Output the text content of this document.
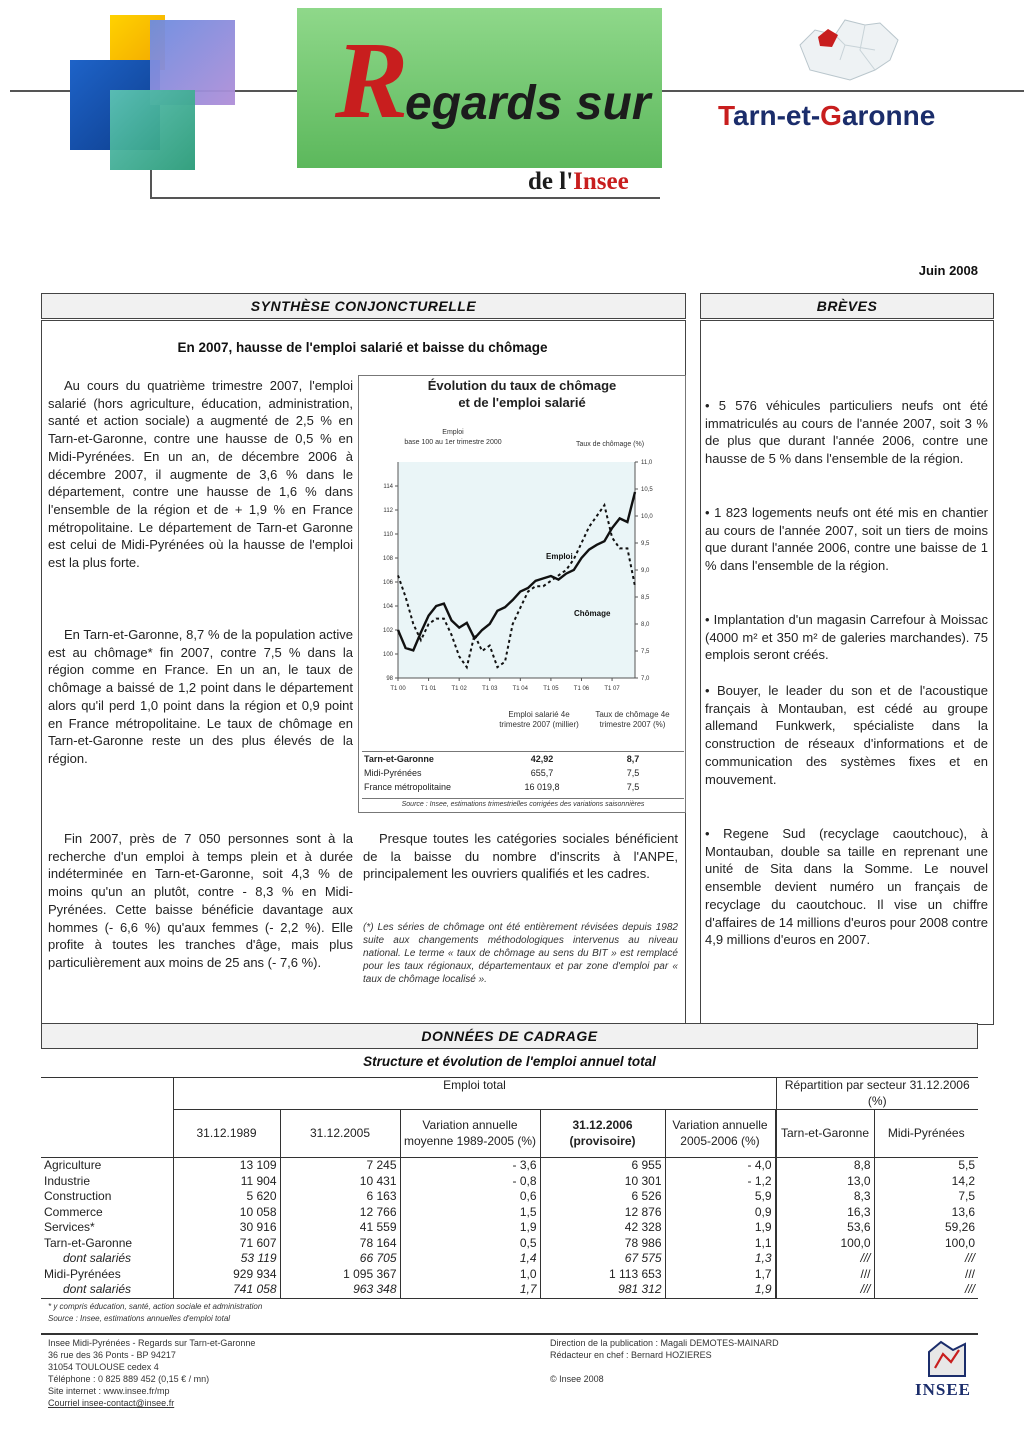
R
egards sur
de l'Insee
Tarn-et-Garonne
Juin 2008
SYNTHÈSE CONJONCTURELLE
En 2007, hausse de l'emploi salarié et baisse du chômage
Au cours du quatrième trimestre 2007, l'emploi salarié (hors agriculture, éducation, administration, santé et action sociale) a augmenté de 2,5 % en Tarn-et-Garonne, contre une hausse de 0,5 % en Midi-Pyrénées. En un an, de décembre 2006 à décembre 2007, il augmente de 3,6 % dans le département, contre une hausse de 1,6 % dans l'ensemble de la région et de + 1,9 % en France métropolitaine. Le département de Tarn-et Garonne est celui de Midi-Pyrénées où la hausse de l'emploi est la plus forte.
En Tarn-et-Garonne, 8,7 % de la population active est au chômage* fin 2007, contre 7,5 % dans la région comme en France. En un an, le taux de chômage a baissé de 1,2 point dans le département alors qu'il perd 1,0 point dans la région et 0,9 point en France métropolitaine. Le taux de chômage en Tarn-et-Garonne reste un des plus élevés de la région.
Fin 2007, près de 7 050 personnes sont à la recherche d'un emploi à temps plein et à durée indéterminée en Tarn-et-Garonne, soit 4,3 % de moins qu'un an plutôt, contre - 8,3 % en Midi-Pyrénées. Cette baisse bénéficie davantage aux hommes (- 6,6 %) qu'aux femmes (- 2,2 %). Elle profite à toutes les tranches d'âge, mais plus particulièrement aux moins de 25 ans (- 7,6 %).
Presque toutes les catégories sociales bénéficient de la baisse du nombre d'inscrits à l'ANPE, principalement les ouvriers qualifiés et les cadres.
(*) Les séries de chômage ont été entièrement révisées depuis 1982 suite aux changements méthodologiques intervenus au niveau national. Le terme « taux de chômage au sens du BIT » est remplacé pour les taux régionaux, départementaux et par zone d'emploi par « taux de chômage localisé ».
Évolution du taux de chômage
et de l'emploi salarié
Emploi
base 100 au 1er trimestre 2000	Taux de chômage (%)
114
112
110
108
106
104
102
100
98
11,0
10,5
10,0
9,5
9,0
8,5
8,0
7,5
7,0
T1 00	T1 01	T1 02	T1 03	T1 04	T1 05	T1 06	T1 07
Emploi
Chômage
Emploi salarié 4e trimestre 2007 (millier)
Taux de chômage 4e trimestre 2007 (%)
Tarn-et-Garonne	42,92	8,7
Midi-Pyrénées	655,7	7,5
France métropolitaine	16 019,8	7,5
Source : Insee, estimations trimestrielles corrigées des variations saisonnières
BRÈVES
• 5 576 véhicules particuliers neufs ont été immatriculés au cours de l'année 2007, soit 3 % de plus que durant l'année 2006, contre une hausse de 5 % dans l'ensemble de la région.
• 1 823 logements neufs ont été mis en chantier au cours de l'année 2007, soit un tiers de moins que durant l'année 2006, contre une baisse de 1 % dans l'ensemble de la région.
• Implantation d'un magasin Carrefour à Moissac (4000 m² et 350 m² de galeries marchandes). 75 emplois seront créés.
• Bouyer, le leader du son et de l'acoustique français à Montauban, est cédé au groupe allemand Funkwerk, spécialiste dans la construction de réseaux d'informations et de communication des systèmes fixes et en mouvement.
• Regene Sud (recyclage caoutchouc), à Montauban, double sa taille en reprenant une unité de Sita dans la Somme. Le nouvel ensemble devient numéro un français de recyclage du caoutchouc. Il vise un chiffre d'affaires de 14 millions d'euros pour 2008 contre 4,9 millions d'euros en 2007.
DONNÉES DE CADRAGE
Structure et évolution de l'emploi annuel total
	Emploi total					Répartition par secteur 31.12.2006 (%)	
	31.12.1989	31.12.2005	Variation annuelle moyenne 1989-2005 (%)	31.12.2006 (provisoire)	Variation annuelle 2005-2006 (%)		Tarn-et-Garonne	Midi-Pyrénées
Agriculture	13 109	7 245	- 3,6	6 955	- 4,0		8,8	5,5
Industrie	11 904	10 431	- 0,8	10 301	- 1,2		13,0	14,2
Construction	5 620	6 163	0,6	6 526	5,9		8,3	7,5
Commerce	10 058	12 766	1,5	12 876	0,9		16,3	13,6
Services*	30 916	41 559	1,9	42 328	1,9		53,6	59,26
Tarn-et-Garonne	71 607	78 164	0,5	78 986	1,1		100,0	100,0
dont salariés	53 119	66 705	1,4	67 575	1,3		///	///
Midi-Pyrénées	929 934	1 095 367	1,0	1 113 653	1,7		///	///
dont salariés	741 058	963 348	1,7	981 312	1,9		///	///
* y compris éducation, santé, action sociale et administration
Source : Insee, estimations annuelles d'emploi total
Insee Midi-Pyrénées - Regards sur Tarn-et-Garonne
36 rue des 36 Ponts - BP 94217
31054 TOULOUSE cedex 4
Téléphone : 0 825 889 452 (0,15 € / mn)
Site internet : www.insee.fr/mp
Courriel insee-contact@insee.fr
Direction de la publication : Magali DEMOTES-MAINARD
Rédacteur en chef : Bernard HOZIERES
© Insee 2008
INSEE
